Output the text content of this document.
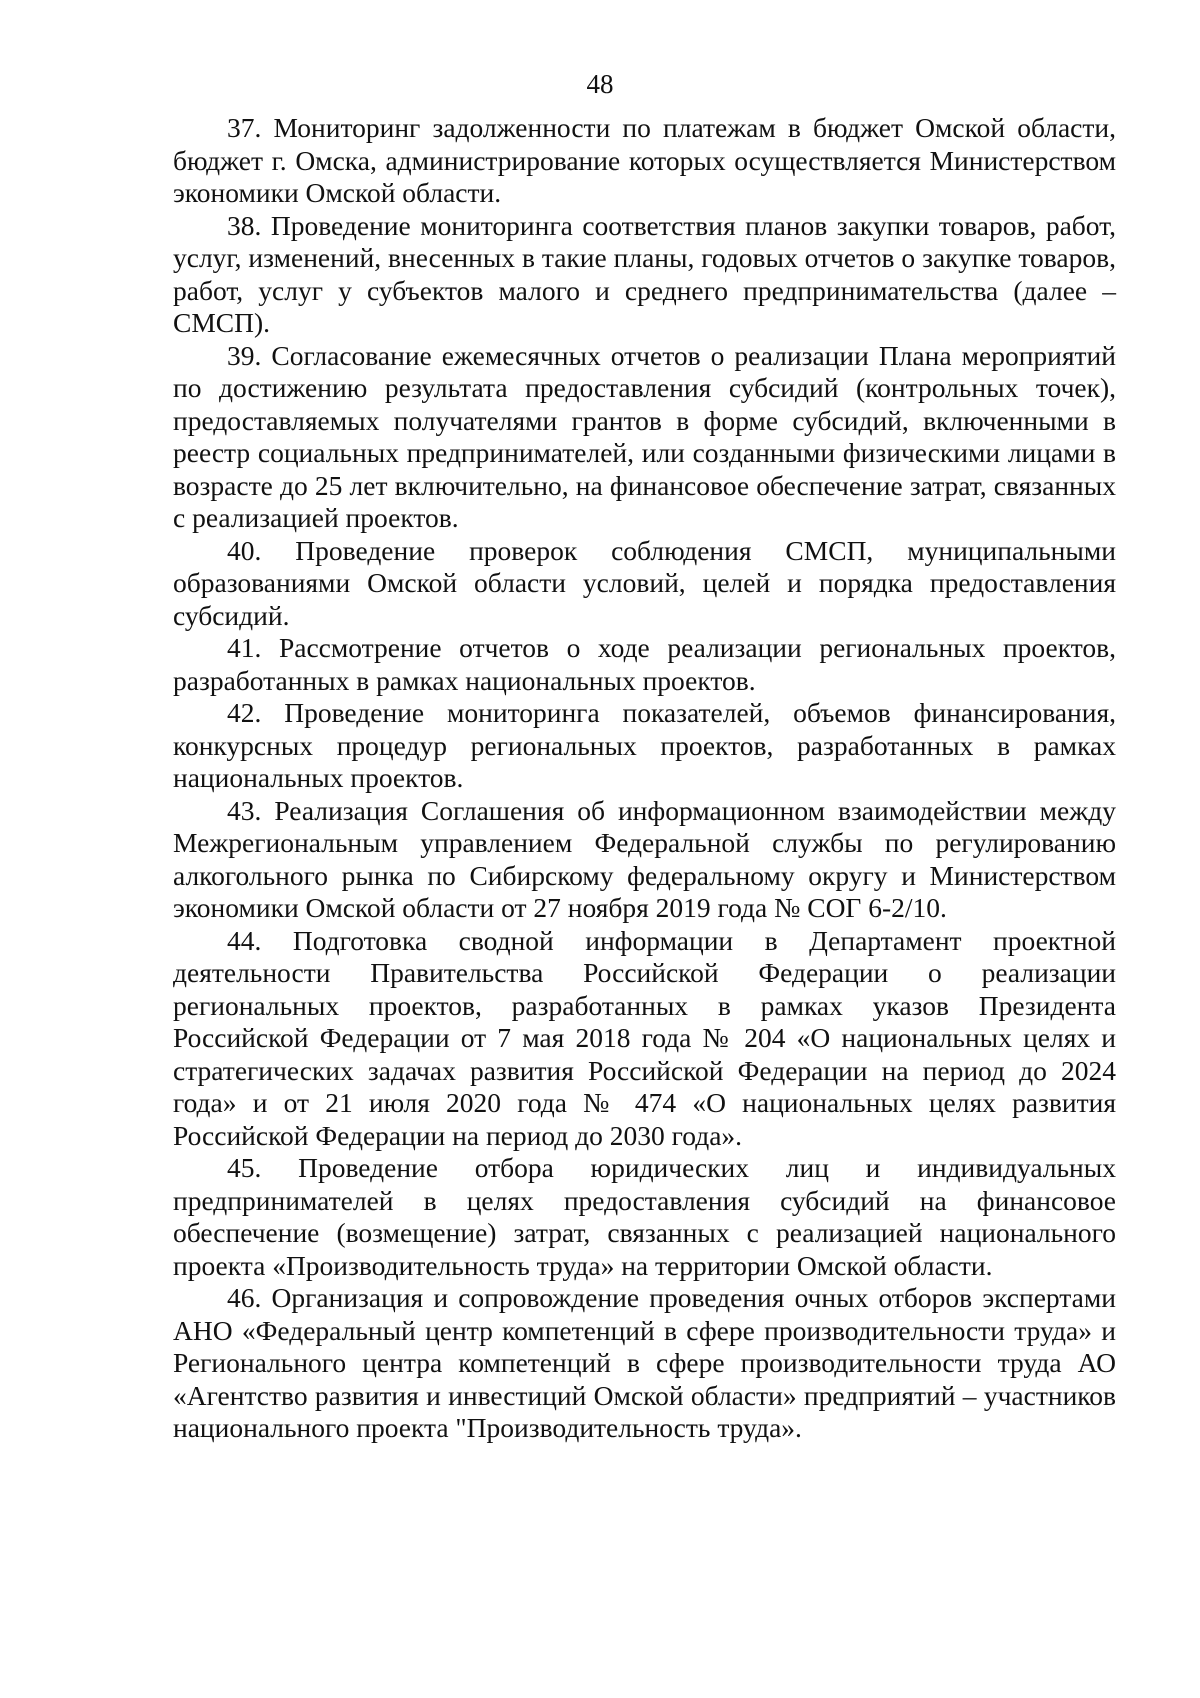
48

37. Мониторинг задолженности по платежам в бюджет Омской области, бюджет г. Омска, администрирование которых осуществляется Министерством экономики Омской области.

38. Проведение мониторинга соответствия планов закупки товаров, работ, услуг, изменений, внесенных в такие планы, годовых отчетов о закупке товаров, работ, услуг у субъектов малого и среднего предпринимательства (далее – СМСП).

39. Согласование ежемесячных отчетов о реализации Плана мероприятий по достижению результата предоставления субсидий (контрольных точек), предоставляемых получателями грантов в форме субсидий, включенными в реестр социальных предпринимателей, или созданными физическими лицами в возрасте до 25 лет включительно, на финансовое обеспечение затрат, связанных с реализацией проектов.

40. Проведение проверок соблюдения СМСП, муниципальными образованиями Омской области условий, целей и порядка предоставления субсидий.

41. Рассмотрение отчетов о ходе реализации региональных проектов, разработанных в рамках национальных проектов.

42. Проведение мониторинга показателей, объемов финансирования, конкурсных процедур региональных проектов, разработанных в рамках национальных проектов.

43. Реализация Соглашения об информационном взаимодействии между Межрегиональным управлением Федеральной службы по регулированию алкогольного рынка по Сибирскому федеральному округу и Министерством экономики Омской области от 27 ноября 2019 года № СОГ 6-2/10.

44. Подготовка сводной информации в Департамент проектной деятельности Правительства Российской Федерации о реализации региональных проектов, разработанных в рамках указов Президента Российской Федерации от 7 мая 2018 года № 204 «О национальных целях и стратегических задачах развития Российской Федерации на период до 2024 года» и от 21 июля 2020 года № 474 «О национальных целях развития Российской Федерации на период до 2030 года».

45. Проведение отбора юридических лиц и индивидуальных предпринимателей в целях предоставления субсидий на финансовое обеспечение (возмещение) затрат, связанных с реализацией национального проекта «Производительность труда» на территории Омской области.

46. Организация и сопровождение проведения очных отборов экспертами АНО «Федеральный центр компетенций в сфере производительности труда» и Регионального центра компетенций в сфере производительности труда АО «Агентство развития и инвестиций Омской области» предприятий – участников национального проекта "Производительность труда».
